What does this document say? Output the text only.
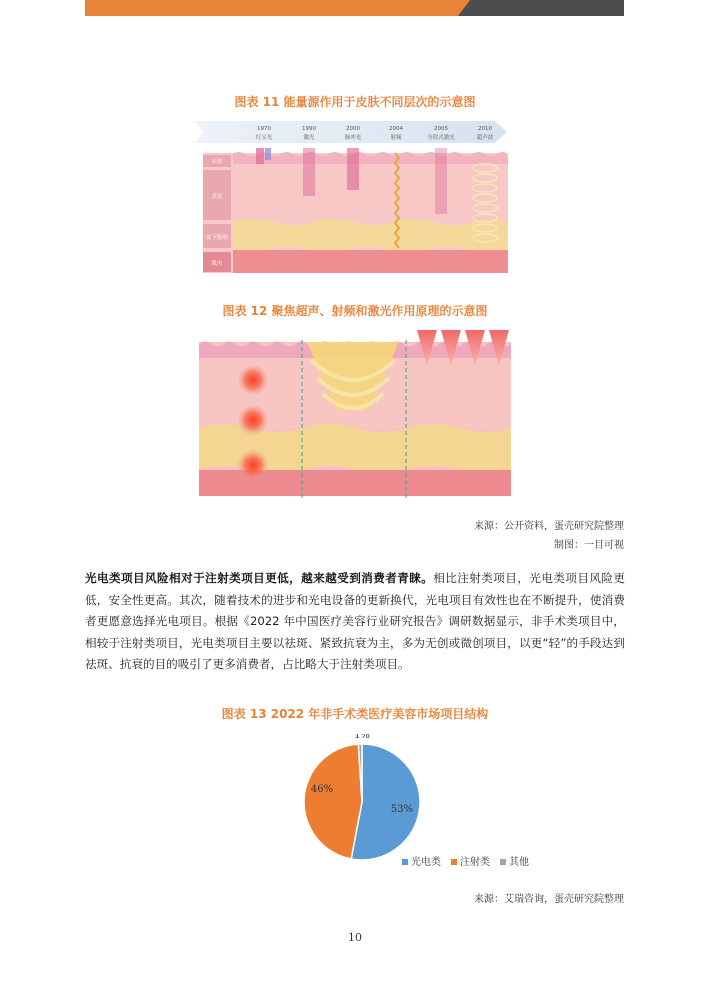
图表 11 能量源作用于皮肤不同层次的示意图
1970
红宝光
1990
激光
2000
脉冲光
2004
射频
2005
分段式激光
2010
超声波
表皮
真皮
皮下脂肪
肌肉
图表 12 聚焦超声、射频和激光作用原理的示意图
来源：公开资料，蛋壳研究院整理
制图：一目可视
光电类项目风险相对于注射类项目更低，越来越受到消费者青睐。相比注射类项目，光电类项目风险更低，安全性更高。其次，随着技术的进步和光电设备的更新换代，光电项目有效性也在不断提升，使消费者更愿意选择光电项目。根据《2022 年中国医疗美容行业研究报告》调研数据显示，非手术类项目中，相较于注射类项目，光电类项目主要以祛斑、紧致抗衰为主，多为无创或微创项目，以更“轻”的手段达到祛斑、抗衰的目的吸引了更多消费者，占比略大于注射类项目。
图表 13 2022 年非手术类医疗美容市场项目结构
53%
46%
1%
光电类	注射类	其他
来源：艾瑞咨询，蛋壳研究院整理
10
